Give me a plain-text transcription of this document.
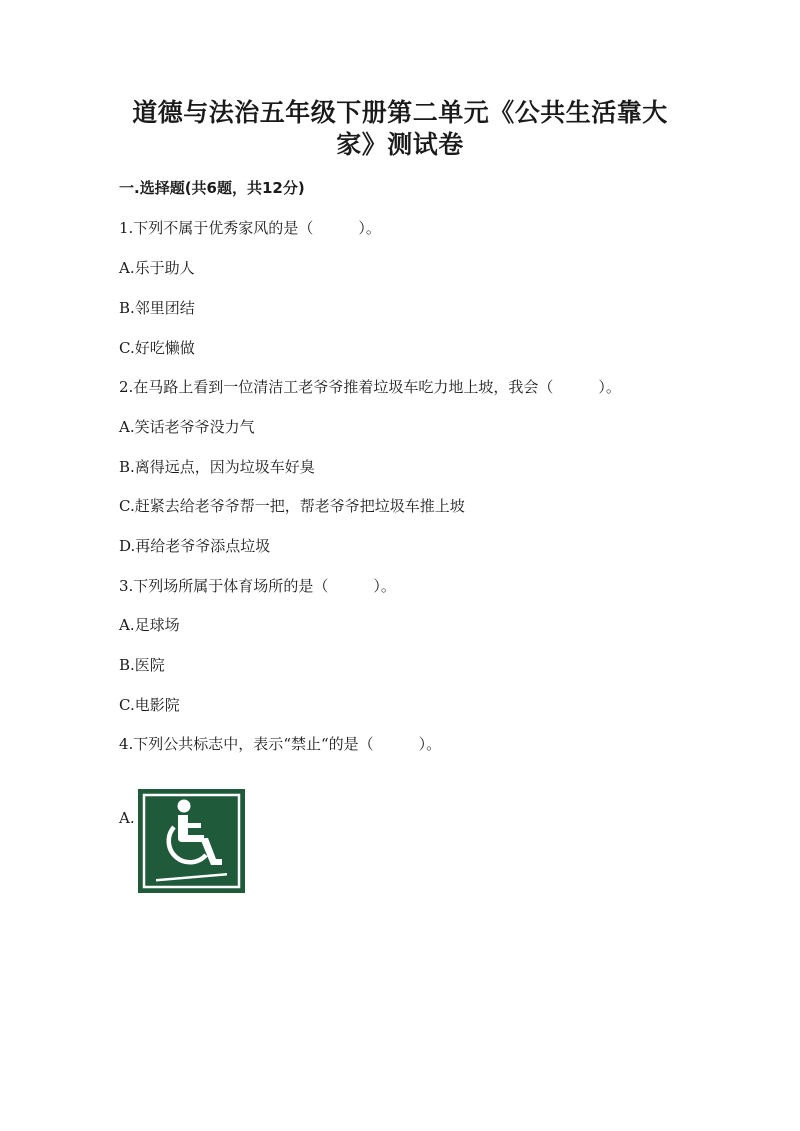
道德与法治五年级下册第二单元《公共生活靠大
家》测试卷
一.选择题(共6题，共12分)
1.下列不属于优秀家风的是（　　　）。
A.乐于助人
B.邻里团结
C.好吃懒做
2.在马路上看到一位清洁工老爷爷推着垃圾车吃力地上坡，我会（　　　）。
A.笑话老爷爷没力气
B.离得远点，因为垃圾车好臭
C.赶紧去给老爷爷帮一把，帮老爷爷把垃圾车推上坡
D.再给老爷爷添点垃圾
3.下列场所属于体育场所的是（　　　）。
A.足球场
B.医院
C.电影院
4.下列公共标志中，表示“禁止“的是（　　　）。
A.
